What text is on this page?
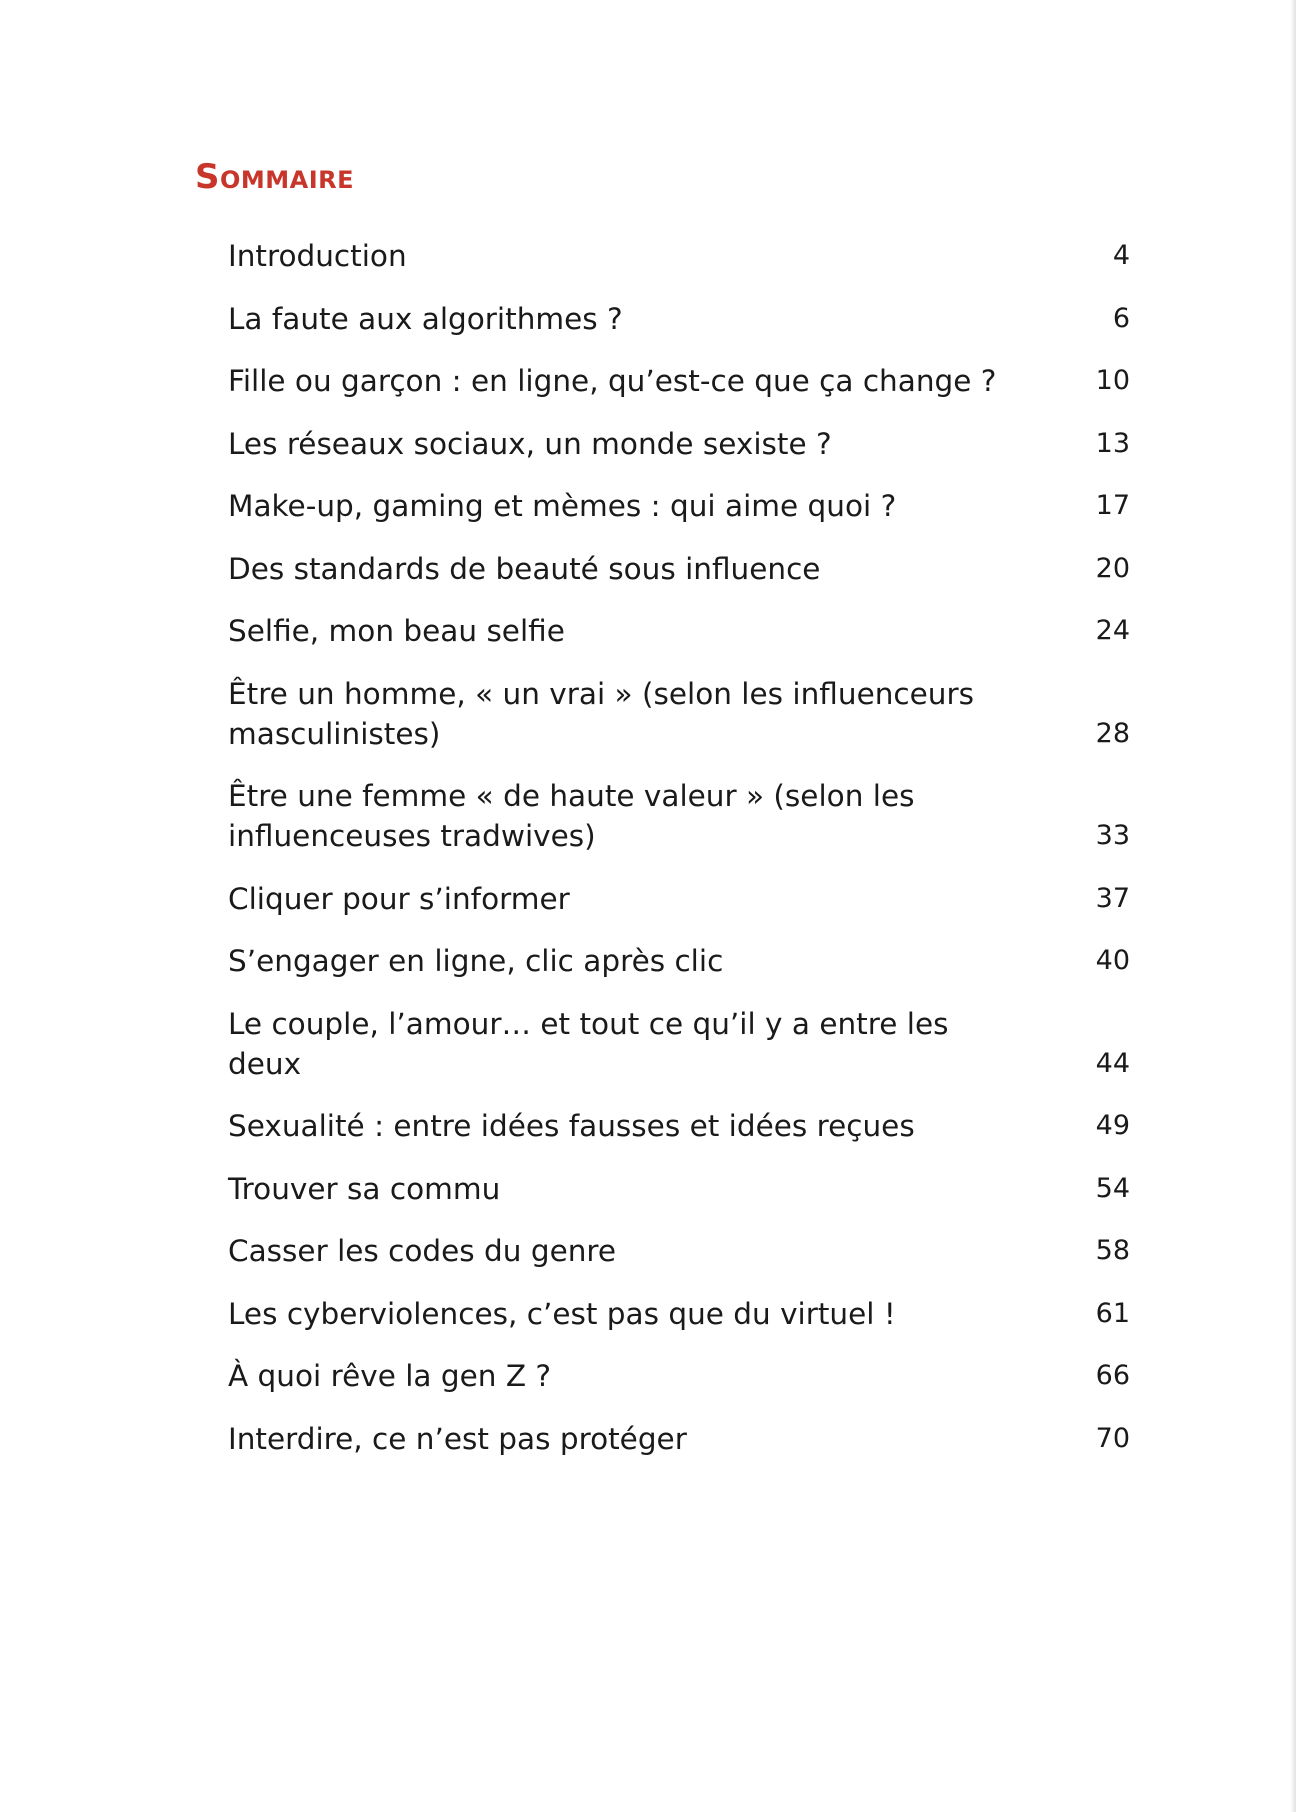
Sommaire
Introduction	4
La faute aux algorithmes ?	6
Fille ou garçon : en ligne, qu’est-ce que ça change ?	10
Les réseaux sociaux, un monde sexiste ?	13
Make-up, gaming et mèmes : qui aime quoi ?	17
Des standards de beauté sous influence	20
Selfie, mon beau selfie	24
Être un homme, « un vrai » (selon les influenceurs masculinistes)	28
Être une femme « de haute valeur » (selon les influenceuses tradwives)	33
Cliquer pour s’informer	37
S’engager en ligne, clic après clic	40
Le couple, l’amour… et tout ce qu’il y a entre les deux	44
Sexualité : entre idées fausses et idées reçues	49
Trouver sa commu	54
Casser les codes du genre	58
Les cyberviolences, c’est pas que du virtuel !	61
À quoi rêve la gen Z ?	66
Interdire, ce n’est pas protéger	70
